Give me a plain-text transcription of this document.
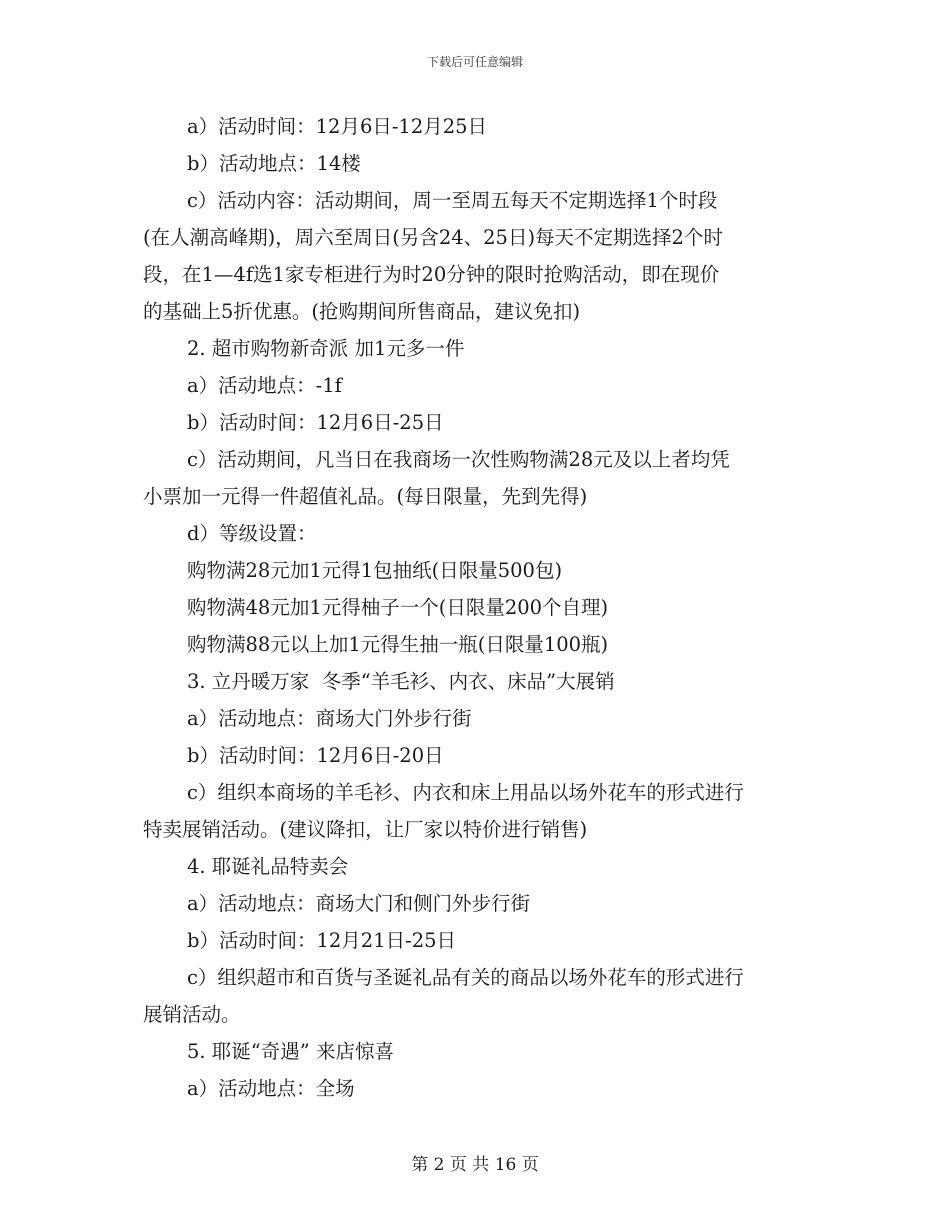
下载后可任意编辑
a）活动时间：12月6日-12月25日
b）活动地点：14楼
c）活动内容：活动期间，周一至周五每天不定期选择1个时段
(在人潮高峰期)，周六至周日(另含24、25日)每天不定期选择2个时
段，在1—4f选1家专柜进行为时20分钟的限时抢购活动，即在现价
的基础上5折优惠。(抢购期间所售商品，建议免扣)
2. 超市购物新奇派 加1元多一件
a）活动地点：-1f
b）活动时间：12月6日-25日
c）活动期间，凡当日在我商场一次性购物满28元及以上者均凭
小票加一元得一件超值礼品。(每日限量，先到先得)
d）等级设置：
购物满28元加1元得1包抽纸(日限量500包)
购物满48元加1元得柚子一个(日限量200个自理)
购物满88元以上加1元得生抽一瓶(日限量100瓶)
3. 立丹暖万家  冬季“羊毛衫、内衣、床品”大展销
a）活动地点：商场大门外步行街
b）活动时间：12月6日-20日
c）组织本商场的羊毛衫、内衣和床上用品以场外花车的形式进行
特卖展销活动。(建议降扣，让厂家以特价进行销售)
4. 耶诞礼品特卖会
a）活动地点：商场大门和侧门外步行街
b）活动时间：12月21日-25日
c）组织超市和百货与圣诞礼品有关的商品以场外花车的形式进行
展销活动。
5. 耶诞“奇遇” 来店惊喜
a）活动地点：全场
第 2 页 共 16 页
